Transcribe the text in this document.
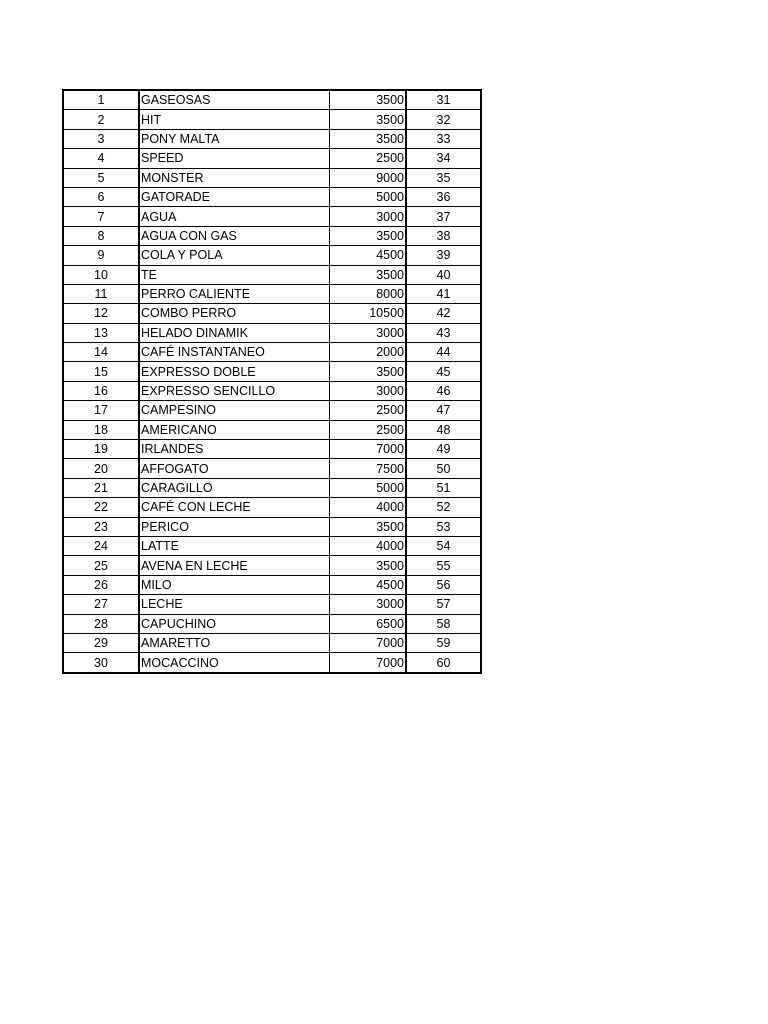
1	GASEOSAS	3500	31
2	HIT	3500	32
3	PONY MALTA	3500	33
4	SPEED	2500	34
5	MONSTER	9000	35
6	GATORADE	5000	36
7	AGUA	3000	37
8	AGUA CON GAS	3500	38
9	COLA Y POLA	4500	39
10	TE	3500	40
11	PERRO CALIENTE	8000	41
12	COMBO PERRO	10500	42
13	HELADO DINAMIK	3000	43
14	CAFÉ INSTANTANEO	2000	44
15	EXPRESSO DOBLE	3500	45
16	EXPRESSO SENCILLO	3000	46
17	CAMPESINO	2500	47
18	AMERICANO	2500	48
19	IRLANDES	7000	49
20	AFFOGATO	7500	50
21	CARAGILLO	5000	51
22	CAFÉ CON LECHE	4000	52
23	PERICO	3500	53
24	LATTE	4000	54
25	AVENA EN LECHE	3500	55
26	MILO	4500	56
27	LECHE	3000	57
28	CAPUCHINO	6500	58
29	AMARETTO	7000	59
30	MOCACCINO	7000	60
